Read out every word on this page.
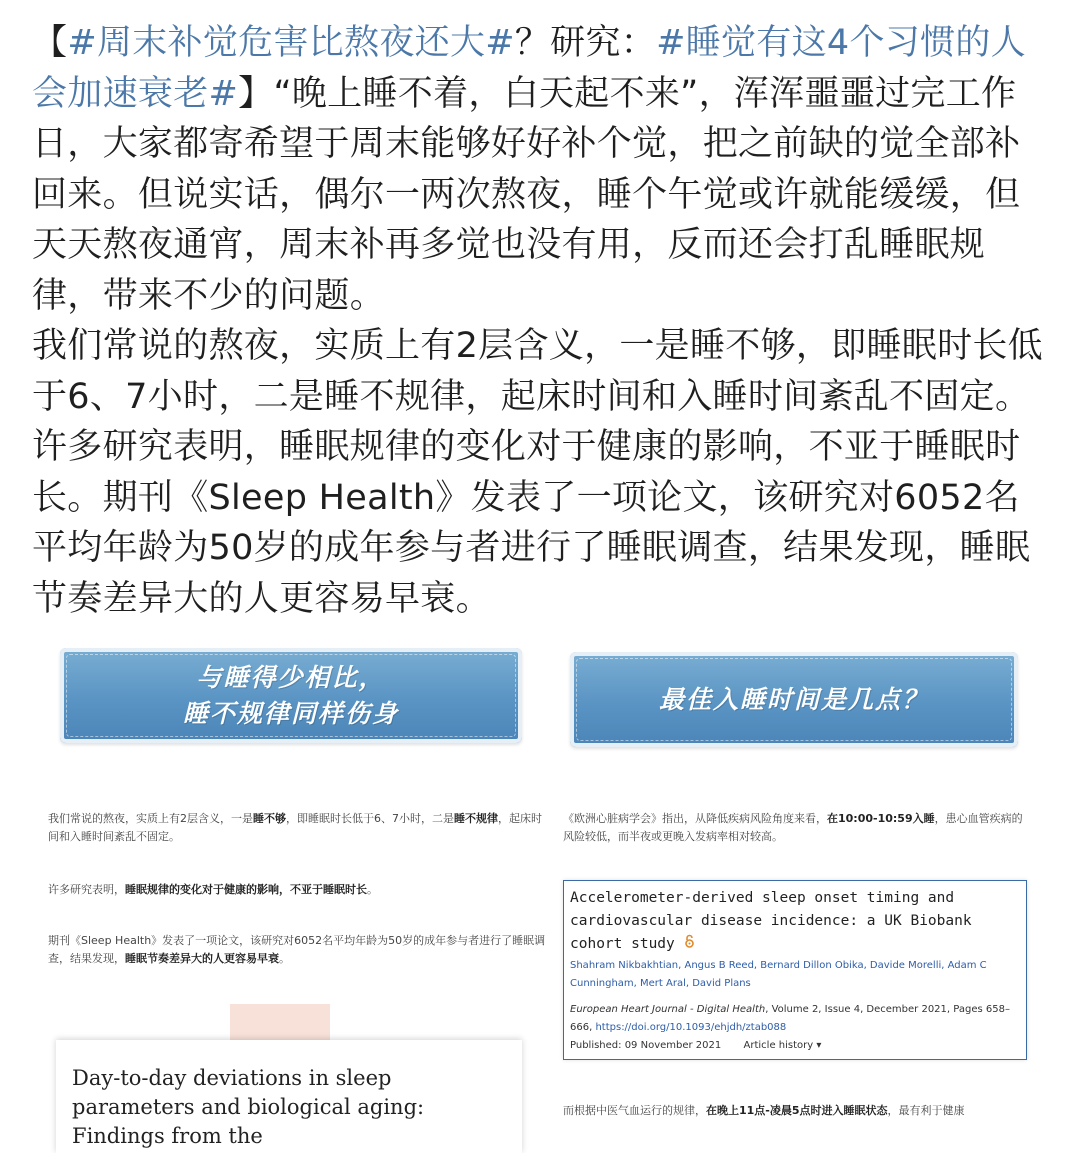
【#周末补觉危害比熬夜还大#？研究：#睡觉有这4个习惯的人会加速衰老#】“晚上睡不着，白天起不来”，浑浑噩噩过完工作日，大家都寄希望于周末能够好好补个觉，把之前缺的觉全部补回来。但说实话，偶尔一两次熬夜，睡个午觉或许就能缓缓，但天天熬夜通宵，周末补再多觉也没有用，反而还会打乱睡眠规律，带来不少的问题。

我们常说的熬夜，实质上有2层含义，一是睡不够，即睡眠时长低于6、7小时，二是睡不规律，起床时间和入睡时间紊乱不固定。许多研究表明，睡眠规律的变化对于健康的影响，不亚于睡眠时长。期刊《Sleep Health》发表了一项论文，该研究对6052名平均年龄为50岁的成年参与者进行了睡眠调查，结果发现，睡眠节奏差异大的人更容易早衰。

与睡得少相比，
睡不规律同样伤身	最佳入睡时间是几点？
我们常说的熬夜，实质上有2层含义，一是睡不够，即睡眠时长低于6、7小时，二是睡不规律，起床时间和入睡时间紊乱不固定。
许多研究表明，睡眠规律的变化对于健康的影响，不亚于睡眠时长。
期刊《Sleep Health》发表了一项论文，该研究对6052名平均年龄为50岁的成年参与者进行了睡眠调查，结果发现，睡眠节奏差异大的人更容易早衰。
Day-to-day deviations in sleep parameters and biological aging: Findings from the
《欧洲心脏病学会》指出，从降低疾病风险角度来看，在10:00-10:59入睡，患心血管疾病的风险较低，而半夜或更晚入发病率相对较高。
Accelerometer-derived sleep onset timing and cardiovascular disease incidence: a UK Biobank cohort study
Shahram Nikbakhtian, Angus B Reed, Bernard Dillon Obika, Davide Morelli, Adam C Cunningham, Mert Aral, David Plans
European Heart Journal - Digital Health, Volume 2, Issue 4, December 2021, Pages 658–666, https://doi.org/10.1093/ehjdh/ztab088
Published: 09 November 2021 Article history ▾
而根据中医气血运行的规律，在晚上11点-凌晨5点时进入睡眠状态，最有利于健康
